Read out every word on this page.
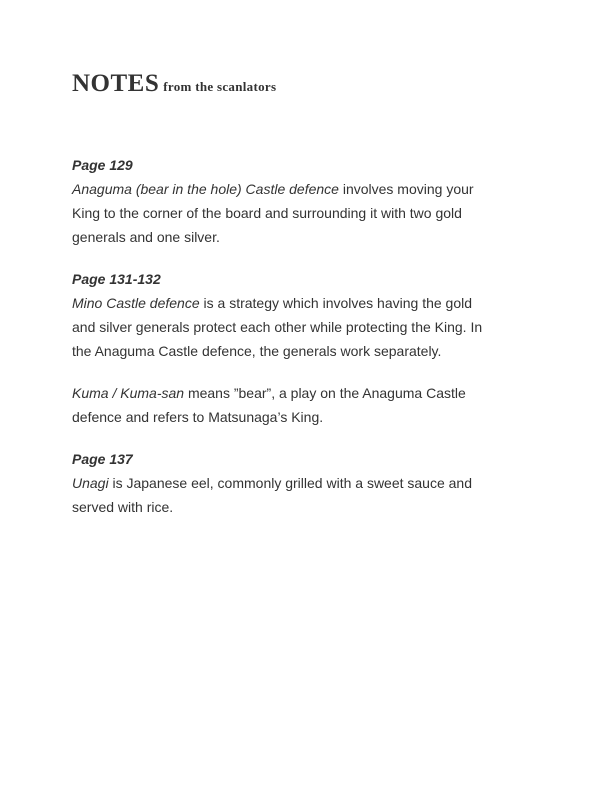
NOTES from the scanlators

Page 129

Anaguma (bear in the hole) Castle defence involves moving your King to the corner of the board and surrounding it with two gold generals and one silver.

Page 131-132

Mino Castle defence is a strategy which involves having the gold and silver generals protect each other while protecting the King. In the Anaguma Castle defence, the generals work separately.

Kuma / Kuma-san means ”bear”, a play on the Anaguma Castle defence and refers to Matsunaga’s King.

Page 137

Unagi is Japanese eel, commonly grilled with a sweet sauce and served with rice.
